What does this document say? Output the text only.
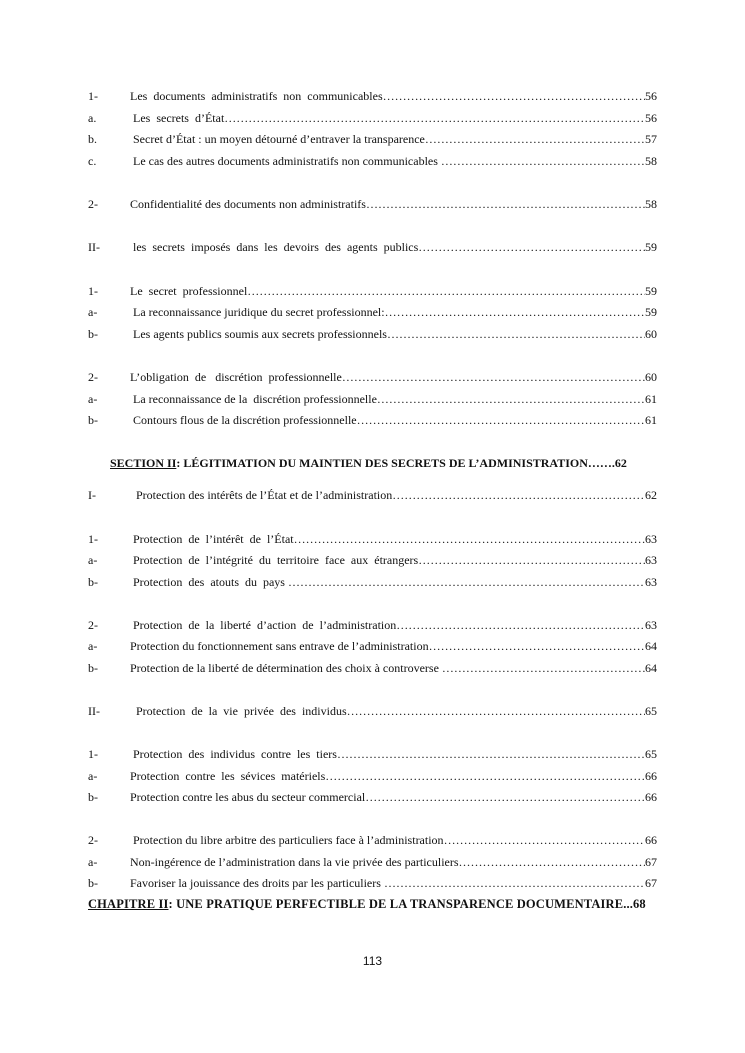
1-	Les  documents  administratifs  non  communicables ………………………………………………………………………………………………………………………………………………………………………………………………	56
a.	Les  secrets  d’État ………………………………………………………………………………………………………………………………………………………………………………………………	56
b.	Secret d’État : un moyen détourné d’entraver la transparence ………………………………………………………………………………………………………………………………………………………………………………………………	57
c.	Le cas des autres documents administratifs non communicables ………………………………………………………………………………………………………………………………………………………………………………………………	58
2-	Confidentialité des documents non administratifs ………………………………………………………………………………………………………………………………………………………………………………………………	58
II-	les  secrets  imposés  dans  les  devoirs  des  agents  publics ………………………………………………………………………………………………………………………………………………………………………………………………	59
1-	Le  secret  professionnel ………………………………………………………………………………………………………………………………………………………………………………………………	59
a-	La reconnaissance juridique du secret professionnel: ………………………………………………………………………………………………………………………………………………………………………………………………	59
b-	Les agents publics soumis aux secrets professionnels ………………………………………………………………………………………………………………………………………………………………………………………………	60
2-	L’obligation  de   discrétion  professionnelle ………………………………………………………………………………………………………………………………………………………………………………………………	60
a-	La reconnaissance de la  discrétion professionnelle ………………………………………………………………………………………………………………………………………………………………………………………………	61
b-	Contours flous de la discrétion professionnelle ………………………………………………………………………………………………………………………………………………………………………………………………	61
SECTION II : LÉGITIMATION DU MAINTIEN DES SECRETS DE L’ADMINISTRATION ……. 62
I-	Protection des intérêts de l’État et de l’administration ………………………………………………………………………………………………………………………………………………………………………………………………	62
1-	Protection  de  l’intérêt  de  l’État ………………………………………………………………………………………………………………………………………………………………………………………………	63
a-	Protection  de  l’intégrité  du  territoire  face  aux  étrangers ………………………………………………………………………………………………………………………………………………………………………………………………	63
b-	Protection  des  atouts  du  pays ………………………………………………………………………………………………………………………………………………………………………………………………	63
2-	Protection  de  la  liberté  d’action  de  l’administration ………………………………………………………………………………………………………………………………………………………………………………………………	63
a-	Protection du fonctionnement sans entrave de l’administration ………………………………………………………………………………………………………………………………………………………………………………………………	64
b-	Protection de la liberté de détermination des choix à controverse ………………………………………………………………………………………………………………………………………………………………………………………………	64
II-	Protection  de  la  vie  privée  des  individus ………………………………………………………………………………………………………………………………………………………………………………………………	65
1-	Protection  des  individus  contre  les  tiers ………………………………………………………………………………………………………………………………………………………………………………………………	65
a-	Protection  contre  les  sévices  matériels ………………………………………………………………………………………………………………………………………………………………………………………………	66
b-	Protection contre les abus du secteur commercial ………………………………………………………………………………………………………………………………………………………………………………………………	66
2-	Protection du libre arbitre des particuliers face à l’administration ………………………………………………………………………………………………………………………………………………………………………………………………	66
a-	Non-ingérence de l’administration dans la vie privée des particuliers ………………………………………………………………………………………………………………………………………………………………………………………………	67
b-	Favoriser la jouissance des droits par les particuliers ………………………………………………………………………………………………………………………………………………………………………………………………	67
CHAPITRE II : UNE PRATIQUE PERFECTIBLE DE LA TRANSPARENCE DOCUMENTAIRE ... 68
113
